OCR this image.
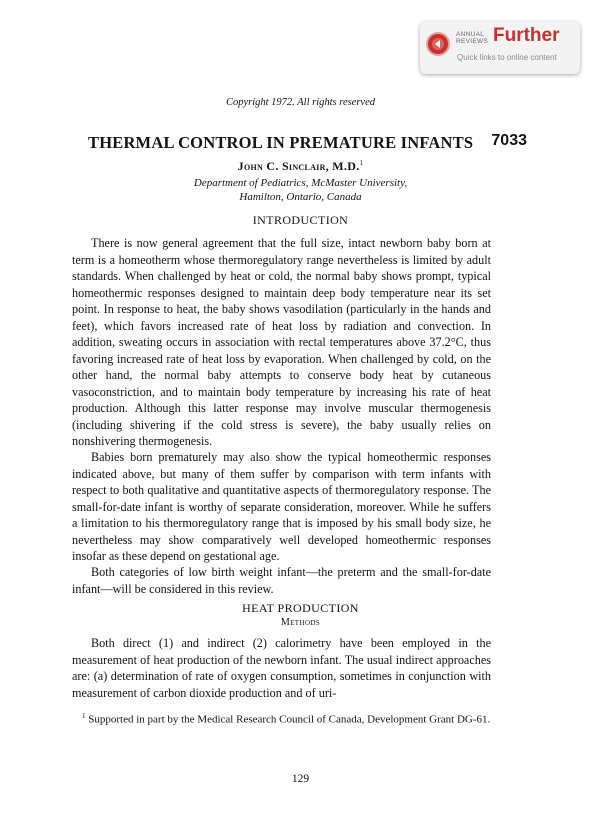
ANNUAL REVIEWS Further
Quick links to online content
Copyright 1972. All rights reserved
THERMAL CONTROL IN PREMATURE INFANTS 7033
John C. Sinclair, M.D.$^1$
Department of Pediatrics, McMaster University,
Hamilton, Ontario, Canada
INTRODUCTION

There is now general agreement that the full size, intact newborn baby born at term is a homeotherm whose thermoregulatory range nevertheless is limited by adult standards. When challenged by heat or cold, the normal baby shows prompt, typical homeothermic responses designed to maintain deep body temperature near its set point. In response to heat, the baby shows vasodilation (particularly in the hands and feet), which favors increased rate of heat loss by radiation and convection. In addition, sweating occurs in association with rectal temperatures above 37.2°C, thus favoring increased rate of heat loss by evaporation. When challenged by cold, on the other hand, the normal baby attempts to conserve body heat by cutaneous vasoconstriction, and to maintain body temperature by increasing his rate of heat production. Although this latter response may involve muscular thermogenesis (including shivering if the cold stress is severe), the baby usually relies on nonshivering thermogenesis.

Babies born prematurely may also show the typical homeothermic responses indicated above, but many of them suffer by comparison with term infants with respect to both qualitative and quantitative aspects of thermoregulatory response. The small-for-date infant is worthy of separate consideration, moreover. While he suffers a limitation to his thermoregulatory range that is imposed by his small body size, he nevertheless may show comparatively well developed homeothermic responses insofar as these depend on gestational age.

Both categories of low birth weight infant—the preterm and the small-for-date infant—will be considered in this review.

HEAT PRODUCTION
Methods

Both direct (1) and indirect (2) calorimetry have been employed in the measurement of heat production of the newborn infant. The usual indirect approaches are: (a) determination of rate of oxygen consumption, sometimes in conjunction with measurement of carbon dioxide production and of uri-

$^1$ Supported in part by the Medical Research Council of Canada, Development Grant DG-61.

129
